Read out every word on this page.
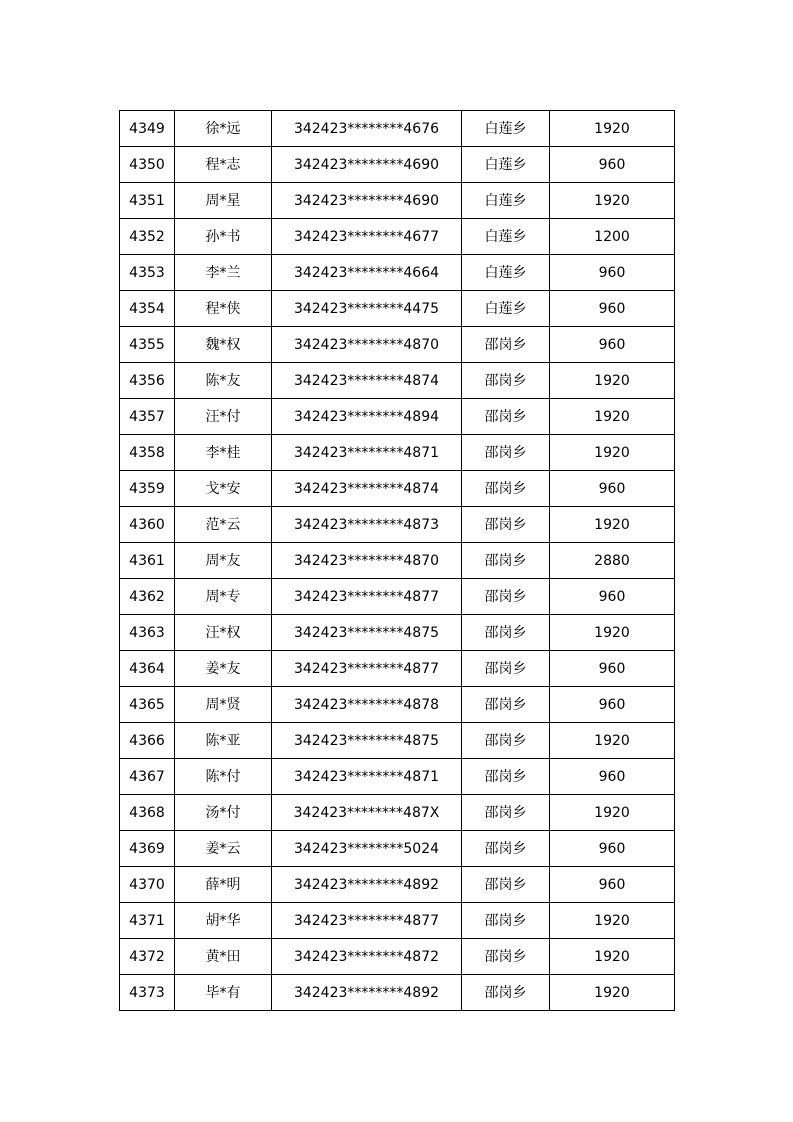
4349	徐*远	342423********4676	白莲乡	1920
4350	程*志	342423********4690	白莲乡	960
4351	周*星	342423********4690	白莲乡	1920
4352	孙*书	342423********4677	白莲乡	1200
4353	李*兰	342423********4664	白莲乡	960
4354	程*侠	342423********4475	白莲乡	960
4355	魏*权	342423********4870	邵岗乡	960
4356	陈*友	342423********4874	邵岗乡	1920
4357	汪*付	342423********4894	邵岗乡	1920
4358	李*桂	342423********4871	邵岗乡	1920
4359	戈*安	342423********4874	邵岗乡	960
4360	范*云	342423********4873	邵岗乡	1920
4361	周*友	342423********4870	邵岗乡	2880
4362	周*专	342423********4877	邵岗乡	960
4363	汪*权	342423********4875	邵岗乡	1920
4364	姜*友	342423********4877	邵岗乡	960
4365	周*贤	342423********4878	邵岗乡	960
4366	陈*亚	342423********4875	邵岗乡	1920
4367	陈*付	342423********4871	邵岗乡	960
4368	汤*付	342423********487X	邵岗乡	1920
4369	姜*云	342423********5024	邵岗乡	960
4370	薛*明	342423********4892	邵岗乡	960
4371	胡*华	342423********4877	邵岗乡	1920
4372	黄*田	342423********4872	邵岗乡	1920
4373	毕*有	342423********4892	邵岗乡	1920
